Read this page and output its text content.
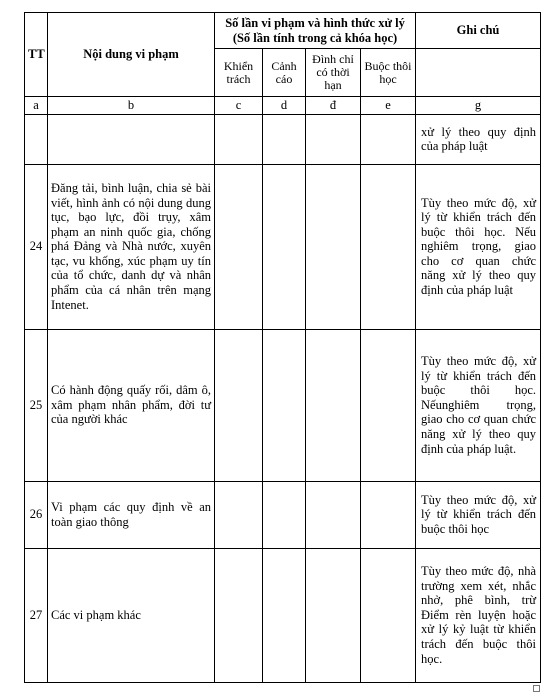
TT	Nội dung vi phạm	Số lần vi phạm và hình thức xử lý
(Số lần tính trong cả khóa học)				Ghi chú
		Khiển trách	Cảnh cáo	Đình chỉ có thời hạn	Buộc thôi học	
a	b	c	d	đ	e	g
						xử lý theo quy định của pháp luật
24	Đăng tải, bình luận, chia sẻ bài viết, hình ảnh có nội dung dung tục, bạo lực, đồi trụy, xâm phạm an ninh quốc gia, chống phá Đảng và Nhà nước, xuyên tạc, vu khống, xúc phạm uy tín của tổ chức, danh dự và nhân phẩm của cá nhân trên mạng Intenet.					Tùy theo mức độ, xử lý từ khiển trách đến buộc thôi học. Nếu nghiêm trọng, giao cho cơ quan chức năng xử lý theo quy định của pháp luật
25	Có hành động quấy rối, dâm ô, xâm phạm nhân phẩm, đời tư của người khác					Tùy theo mức độ, xử lý từ khiển trách đến buộc thôi học. Nếunghiêm trọng, giao cho cơ quan chức năng xử lý theo quy định của pháp luật.
26	Vi phạm các quy định về an toàn giao thông					Tùy theo mức độ, xử lý từ khiển trách đến buộc thôi học
27	Các vi phạm khác					Tùy theo mức độ, nhà trường xem xét, nhắc nhở, phê bình, trừ Điểm rèn luyện hoặc xử lý kỷ luật từ khiển trách đến buộc thôi học.
